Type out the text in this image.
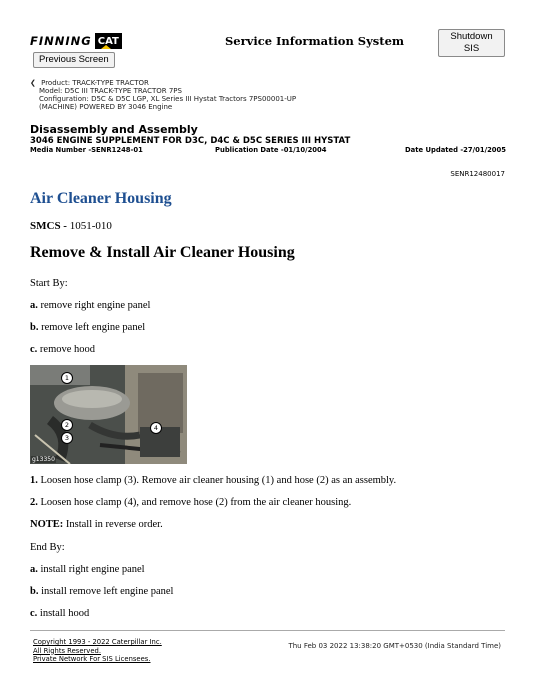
FINNING CAT	Service Information System	Shutdown SIS
Previous Screen
❮ Product: TRACK-TYPE TRACTOR
Model: D5C III TRACK-TYPE TRACTOR 7PS
Configuration: D5C & D5C LGP, XL Series III Hystat Tractors 7PS00001-UP
(MACHINE) POWERED BY 3046 Engine
Disassembly and Assembly
3046 ENGINE SUPPLEMENT FOR D3C, D4C & D5C SERIES III HYSTAT
Media Number -SENR1248-01	Publication Date -01/10/2004	Date Updated -27/01/2005
SENR12480017
Air Cleaner Housing
SMCS - 1051-010
Remove & Install Air Cleaner Housing
Start By:
a. remove right engine panel
b. remove left engine panel
c. remove hood
1. Loosen hose clamp (3). Remove air cleaner housing (1) and hose (2) as an assembly.
2. Loosen hose clamp (4), and remove hose (2) from the air cleaner housing.
NOTE: Install in reverse order.
End By:
a. install right engine panel
b. install remove left engine panel
c. install hood
1
2
3
4
g13350
Copyright 1993 - 2022 Caterpillar Inc.
All Rights Reserved.
Private Network For SIS Licensees.
Thu Feb 03 2022 13:38:20 GMT+0530 (India Standard Time)
